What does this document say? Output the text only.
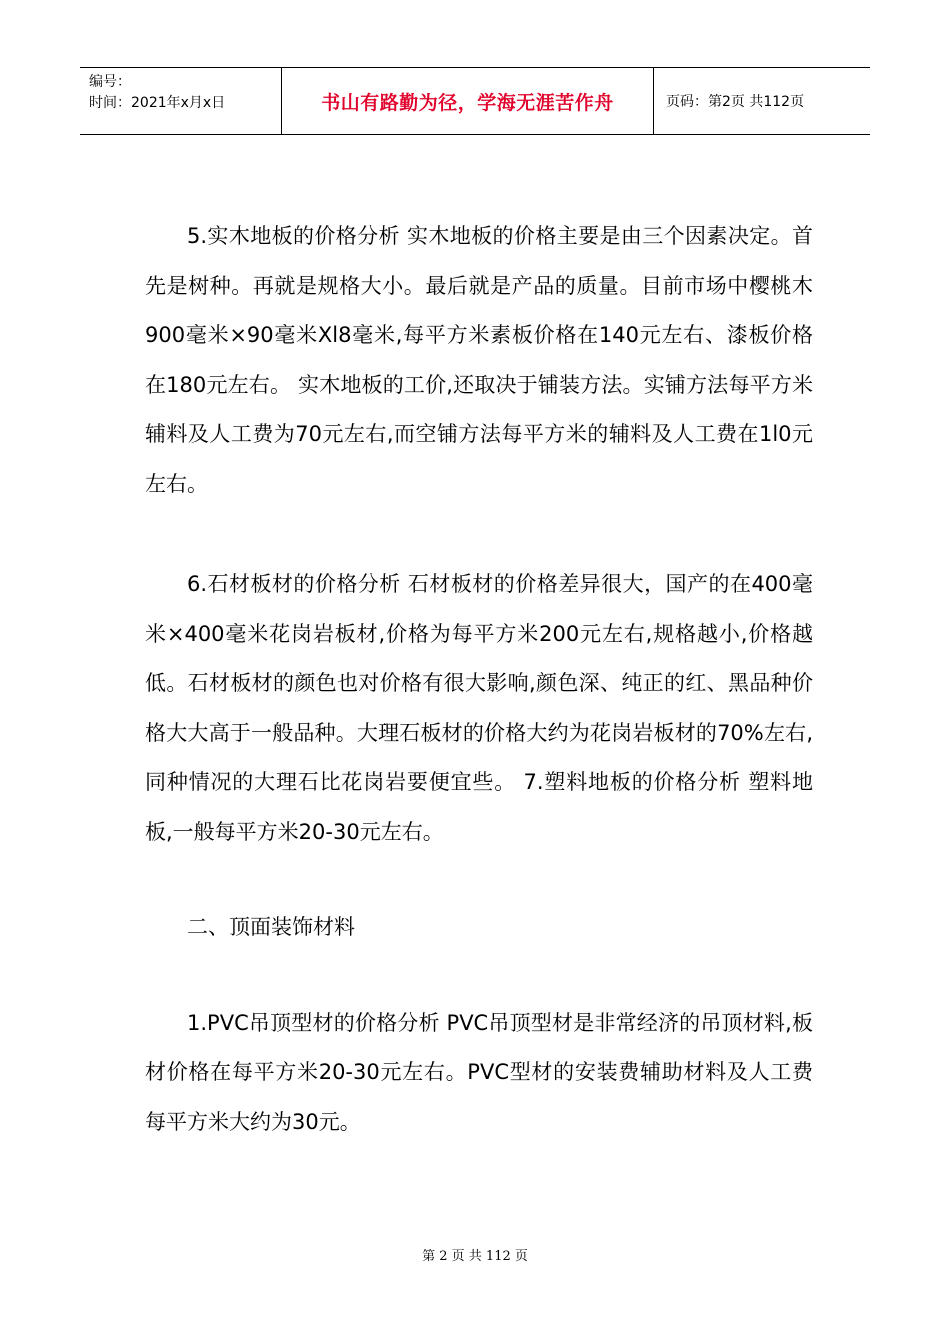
编号：
时间：2021年x月x日	书山有路勤为径，学海无涯苦作舟	页码：第2页 共112页

5.实木地板的价格分析 实木地板的价格主要是由三个因素决定。首先是树种。再就是规格大小。最后就是产品的质量。目前市场中樱桃木900毫米×90毫米Xl8毫米,每平方米素板价格在140元左右、漆板价格在180元左右。 实木地板的工价,还取决于铺装方法。实铺方法每平方米辅料及人工费为70元左右,而空铺方法每平方米的辅料及人工费在1l0元左右。

6.石材板材的价格分析 石材板材的价格差异很大，国产的在400毫米×400毫米花岗岩板材,价格为每平方米200元左右,规格越小,价格越低。石材板材的颜色也对价格有很大影响,颜色深、纯正的红、黑品种价格大大高于一般品种。大理石板材的价格大约为花岗岩板材的70%左右,同种情况的大理石比花岗岩要便宜些。 7.塑料地板的价格分析 塑料地板,一般每平方米20-30元左右。

二、顶面装饰材料

1.PVC吊顶型材的价格分析 PVC吊顶型材是非常经济的吊顶材料,板材价格在每平方米20-30元左右。PVC型材的安装费辅助材料及人工费每平方米大约为30元。

第 2 页 共 112 页
